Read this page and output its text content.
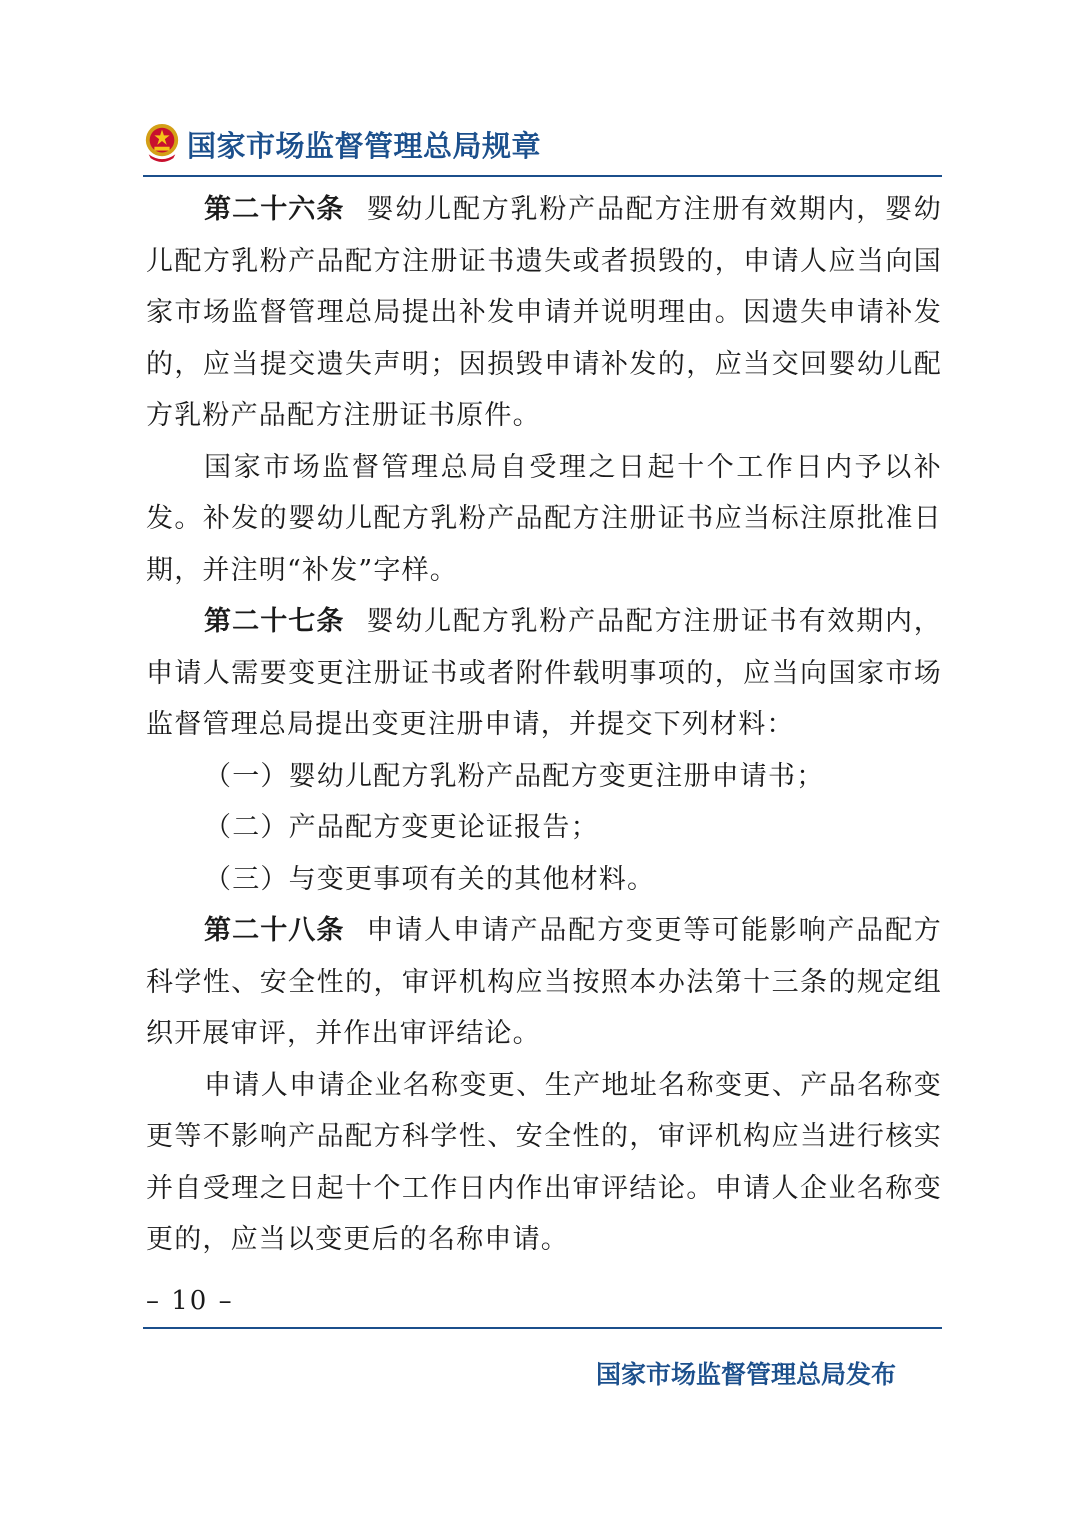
国家市场监督管理总局规章

第二十六条 婴幼儿配方乳粉产品配方注册有效期内，婴幼儿配方乳粉产品配方注册证书遗失或者损毁的，申请人应当向国家市场监督管理总局提出补发申请并说明理由。因遗失申请补发的，应当提交遗失声明；因损毁申请补发的，应当交回婴幼儿配方乳粉产品配方注册证书原件。

国家市场监督管理总局自受理之日起十个工作日内予以补发。补发的婴幼儿配方乳粉产品配方注册证书应当标注原批准日期，并注明“补发”字样。

第二十七条 婴幼儿配方乳粉产品配方注册证书有效期内，申请人需要变更注册证书或者附件载明事项的，应当向国家市场监督管理总局提出变更注册申请，并提交下列材料：

（一）婴幼儿配方乳粉产品配方变更注册申请书；

（二）产品配方变更论证报告；

（三）与变更事项有关的其他材料。

第二十八条 申请人申请产品配方变更等可能影响产品配方科学性、安全性的，审评机构应当按照本办法第十三条的规定组织开展审评，并作出审评结论。

申请人申请企业名称变更、生产地址名称变更、产品名称变更等不影响产品配方科学性、安全性的，审评机构应当进行核实并自受理之日起十个工作日内作出审评结论。申请人企业名称变更的，应当以变更后的名称申请。

– 10 –
国家市场监督管理总局发布
